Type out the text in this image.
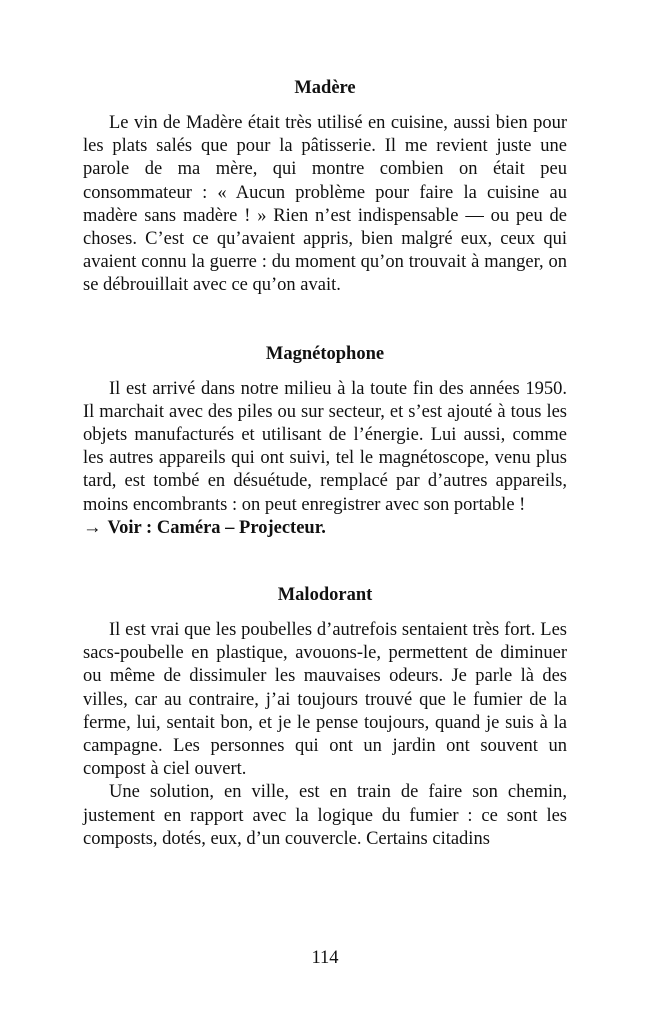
Madère

Le vin de Madère était très utilisé en cuisine, aussi bien pour les plats salés que pour la pâtisserie. Il me revient juste une parole de ma mère, qui montre combien on était peu consommateur : « Aucun problème pour faire la cuisine au madère sans madère ! » Rien n’est indispensable — ou peu de choses. C’est ce qu’avaient appris, bien malgré eux, ceux qui avaient connu la guerre : du moment qu’on trouvait à manger, on se débrouillait avec ce qu’on avait.

Magnétophone

Il est arrivé dans notre milieu à la toute fin des années 1950. Il marchait avec des piles ou sur secteur, et s’est ajouté à tous les objets manufacturés et utilisant de l’énergie. Lui aussi, comme les autres appareils qui ont suivi, tel le magnétoscope, venu plus tard, est tombé en désuétude, remplacé par d’autres appareils, moins encombrants : on peut enregistrer avec son portable !

→ Voir : Caméra – Projecteur.

Malodorant

Il est vrai que les poubelles d’autrefois sentaient très fort. Les sacs-poubelle en plastique, avouons-le, permettent de diminuer ou même de dissimuler les mauvaises odeurs. Je parle là des villes, car au contraire, j’ai toujours trouvé que le fumier de la ferme, lui, sentait bon, et je le pense toujours, quand je suis à la campagne. Les personnes qui ont un jardin ont souvent un compost à ciel ouvert.

Une solution, en ville, est en train de faire son chemin, justement en rapport avec la logique du fumier : ce sont les composts, dotés, eux, d’un couvercle. Certains citadins

114
